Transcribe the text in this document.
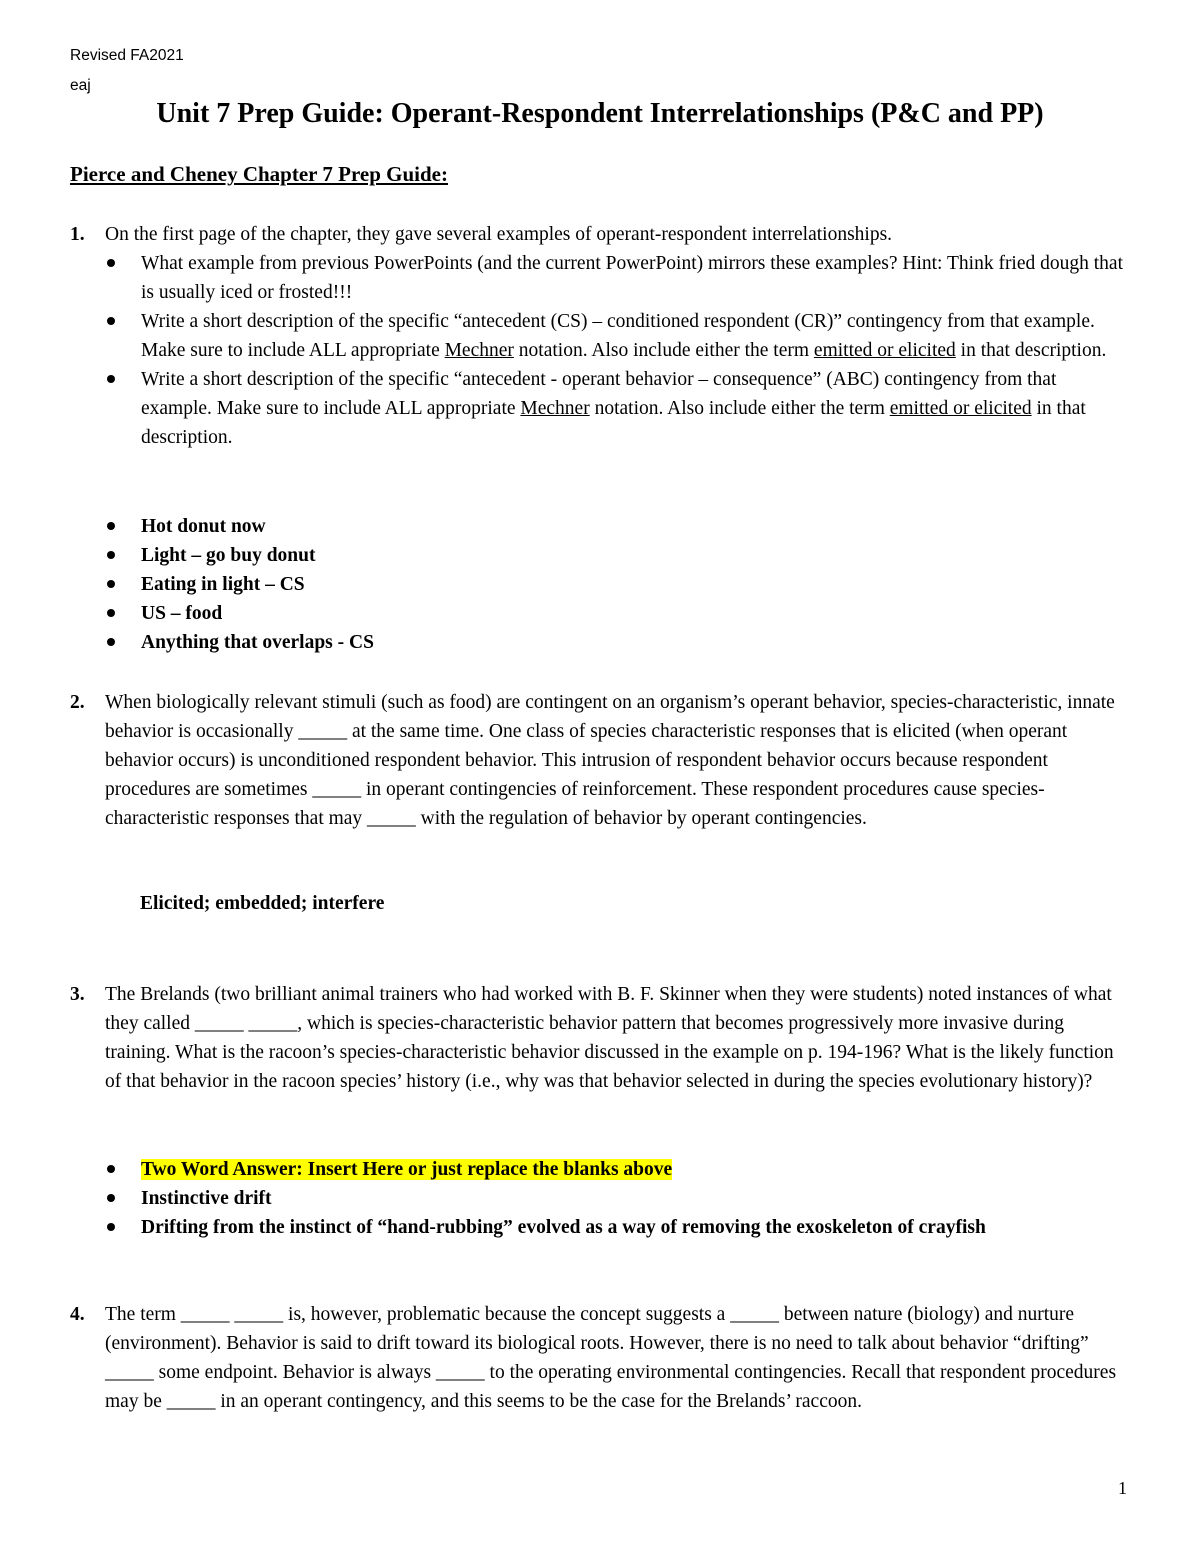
Revised FA2021
eaj
Unit 7 Prep Guide: Operant-Respondent Interrelationships (P&C and PP)
Pierce and Cheney Chapter 7 Prep Guide:
1. On the first page of the chapter, they gave several examples of operant-respondent interrelationships.
What example from previous PowerPoints (and the current PowerPoint) mirrors these examples? Hint: Think fried dough that is usually iced or frosted!!!
Write a short description of the specific “antecedent (CS) – conditioned respondent (CR)” contingency from that example. Make sure to include ALL appropriate Mechner notation. Also include either the term emitted or elicited in that description.
Write a short description of the specific “antecedent - operant behavior – consequence” (ABC) contingency from that example. Make sure to include ALL appropriate Mechner notation. Also include either the term emitted or elicited in that description.
Hot donut now
Light – go buy donut
Eating in light – CS
US – food
Anything that overlaps - CS
2. When biologically relevant stimuli (such as food) are contingent on an organism’s operant behavior, species-characteristic, innate behavior is occasionally _____ at the same time. One class of species characteristic responses that is elicited (when operant behavior occurs) is unconditioned respondent behavior. This intrusion of respondent behavior occurs because respondent procedures are sometimes _____ in operant contingencies of reinforcement. These respondent procedures cause species-characteristic responses that may _____ with the regulation of behavior by operant contingencies.
Elicited; embedded; interfere
3. The Brelands (two brilliant animal trainers who had worked with B. F. Skinner when they were students) noted instances of what they called _____ _____, which is species-characteristic behavior pattern that becomes progressively more invasive during training. What is the racoon’s species-characteristic behavior discussed in the example on p. 194-196? What is the likely function of that behavior in the racoon species’ history (i.e., why was that behavior selected in during the species evolutionary history)?
Two Word Answer: Insert Here or just replace the blanks above
Instinctive drift
Drifting from the instinct of “hand-rubbing” evolved as a way of removing the exoskeleton of crayfish
4. The term _____ _____ is, however, problematic because the concept suggests a _____ between nature (biology) and nurture (environment). Behavior is said to drift toward its biological roots. However, there is no need to talk about behavior “drifting” _____ some endpoint. Behavior is always _____ to the operating environmental contingencies. Recall that respondent procedures may be _____ in an operant contingency, and this seems to be the case for the Brelands’ raccoon.
1
